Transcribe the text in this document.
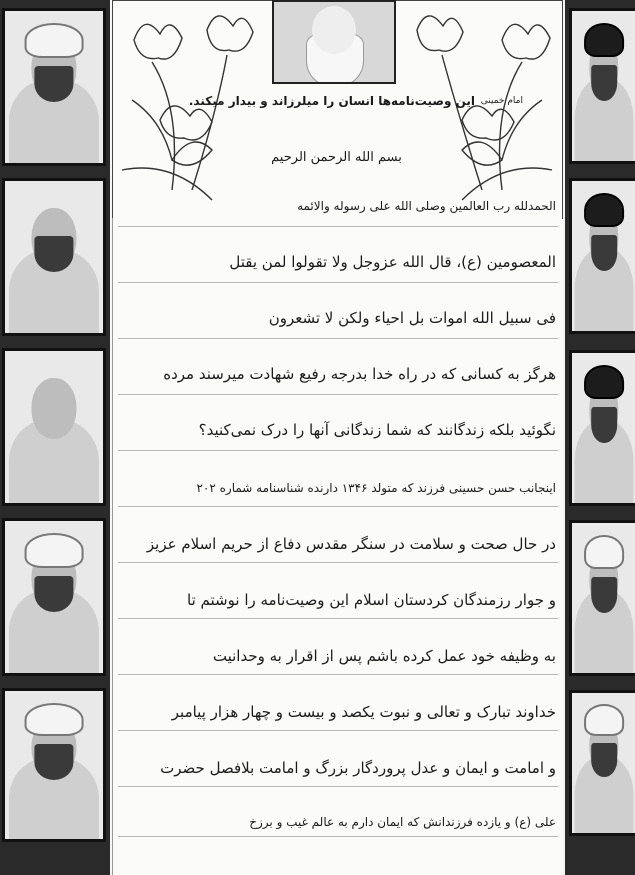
این وصیت‌نامه‌ها انسان را میلرزاند و بیدار میکند. امام خمینی
بسم الله الرحمن الرحیم
الحمدلله رب العالمین وصلی الله علی رسوله والائمه
المعصومین (ع)، قال الله عزوجل ولا تقولوا لمن یقتل
فی سبیل الله اموات بل احیاء ولکن لا تشعرون
هرگز به کسانی که در راه خدا بدرجه رفیع شهادت میرسند مرده
نگوئید بلکه زندگانند که شما زندگانی آنها را درک نمی‌کنید؟
اینجانب حسن حسینی فرزند که متولد ۱۳۴۶ دارنده شناسنامه شماره ۲۰۲
در حال صحت و سلامت در سنگر مقدس دفاع از حریم اسلام عزیز
و جوار رزمندگان کردستان اسلام این وصیت‌نامه را نوشتم تا
به وظیفه خود عمل کرده باشم پس از اقرار به وحدانیت
خداوند تبارک و تعالی و نبوت یکصد و بیست و چهار هزار پیامبر
و امامت و ایمان و عدل پروردگار بزرگ و امامت بلافصل حضرت
علی (ع) و یازده فرزندانش که ایمان دارم به عالم غیب و برزخ
